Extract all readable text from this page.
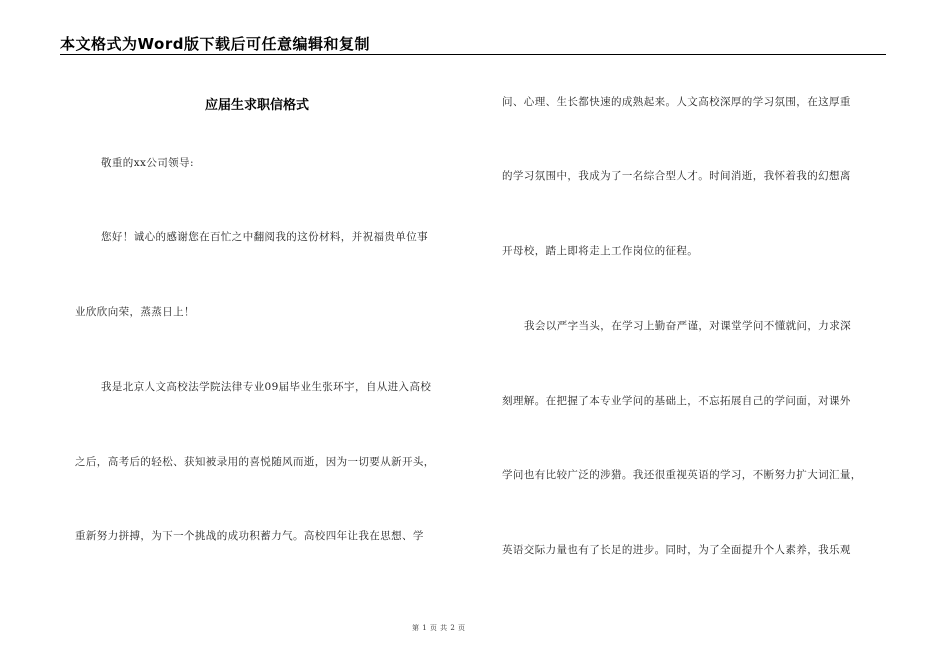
本文格式为Word版下载后可任意编辑和复制
应届生求职信格式
敬重的xx公司领导:
您好！诚心的感谢您在百忙之中翻阅我的这份材料，并祝福贵单位事
业欣欣向荣，蒸蒸日上！
我是北京人文高校法学院法律专业09届毕业生张环宇，自从进入高校
之后，高考后的轻松、获知被录用的喜悦随风而逝，因为一切要从新开头，
重新努力拼搏，为下一个挑战的成功积蓄力气。高校四年让我在思想、学
问、心理、生长都快速的成熟起来。人文高校深厚的学习氛围，在这厚重
的学习氛围中，我成为了一名综合型人才。时间消逝，我怀着我的幻想离
开母校，踏上即将走上工作岗位的征程。
我会以严字当头，在学习上勤奋严谨，对课堂学问不懂就问，力求深
刻理解。在把握了本专业学问的基础上，不忘拓展自己的学问面，对课外
学问也有比较广泛的涉猎。我还很重视英语的学习，不断努力扩大词汇量，
英语交际力量也有了长足的进步。同时，为了全面提升个人素养，我乐观
第 1 页 共 2 页
